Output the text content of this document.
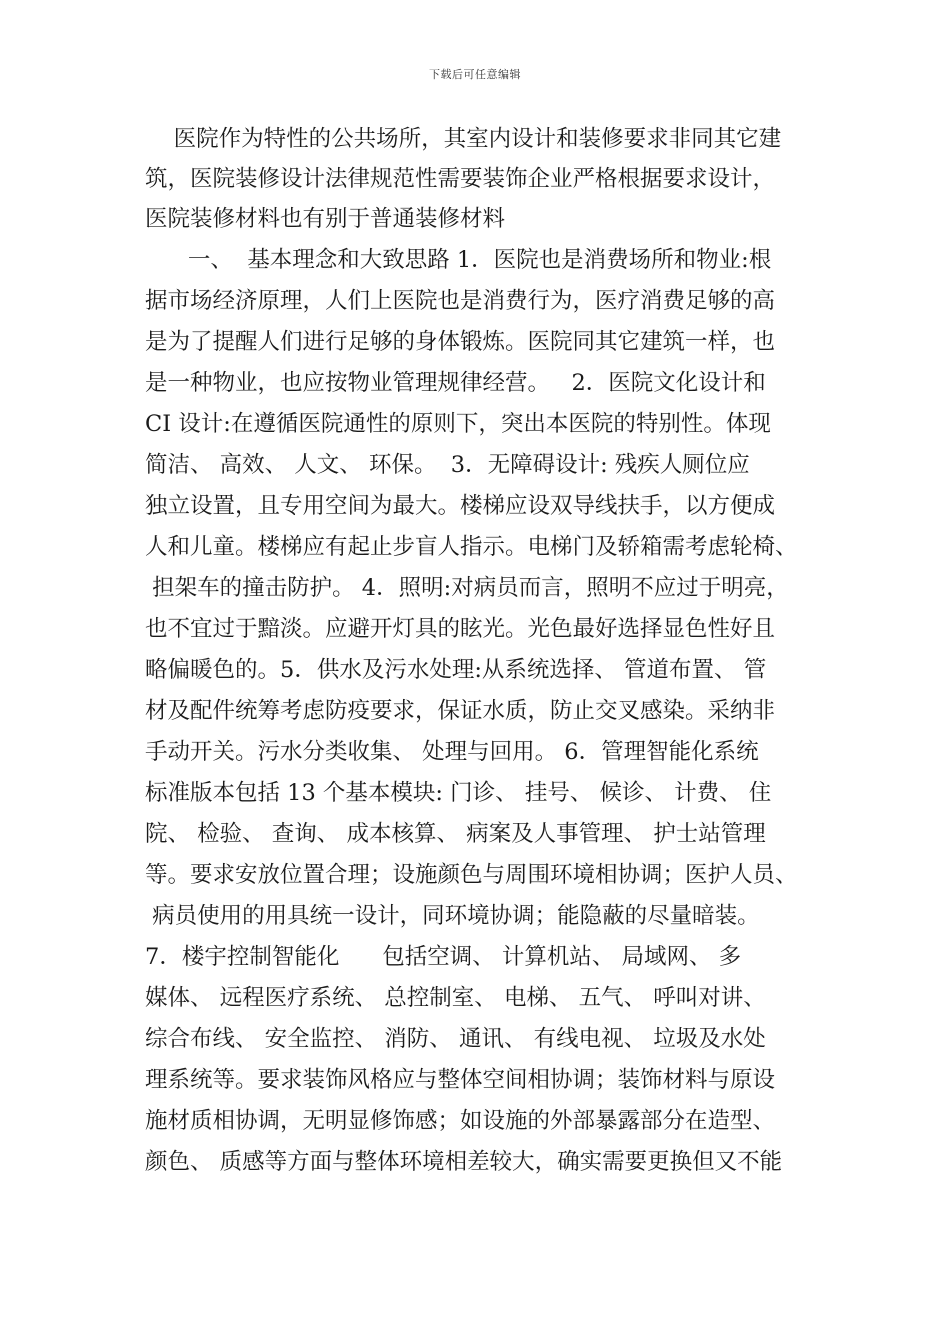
下载后可任意编辑
医院作为特性的公共场所，其室内设计和装修要求非同其它建
筑，医院装修设计法律规范性需要装饰企业严格根据要求设计，
医院装修材料也有别于普通装修材料
一、  基本理念和大致思路 1．医院也是消费场所和物业:根
据市场经济原理，人们上医院也是消费行为，医疗消费足够的高
是为了提醒人们进行足够的身体锻炼。医院同其它建筑一样，也
是一种物业，也应按物业管理规律经营。   2．医院文化设计和
CI 设计:在遵循医院通性的原则下，突出本医院的特别性。体现
简洁、 高效、 人文、 环保。  3．无障碍设计: 残疾人厕位应
独立设置，且专用空间为最大。楼梯应设双导线扶手，以方便成
人和儿童。楼梯应有起止步盲人指示。电梯门及轿箱需考虑轮椅、
担架车的撞击防护。 4．照明:对病员而言，照明不应过于明亮，
也不宜过于黯淡。应避开灯具的眩光。光色最好选择显色性好且
略偏暖色的。5．供水及污水处理:从系统选择、 管道布置、 管
材及配件统筹考虑防疫要求，保证水质，防止交叉感染。采纳非
手动开关。污水分类收集、 处理与回用。 6．管理智能化系统
标准版本包括 13 个基本模块: 门诊、 挂号、 候诊、 计费、 住
院、 检验、 查询、 成本核算、 病案及人事管理、 护士站管理
等。要求安放位置合理；设施颜色与周围环境相协调；医护人员、
病员使用的用具统一设计，同环境协调；能隐蔽的尽量暗装。
7．楼宇控制智能化      包括空调、 计算机站、 局域网、 多
媒体、 远程医疗系统、 总控制室、 电梯、 五气、 呼叫对讲、
综合布线、 安全监控、 消防、 通讯、 有线电视、 垃圾及水处
理系统等。要求装饰风格应与整体空间相协调；装饰材料与原设
施材质相协调，无明显修饰感；如设施的外部暴露部分在造型、
颜色、 质感等方面与整体环境相差较大，确实需要更换但又不能
